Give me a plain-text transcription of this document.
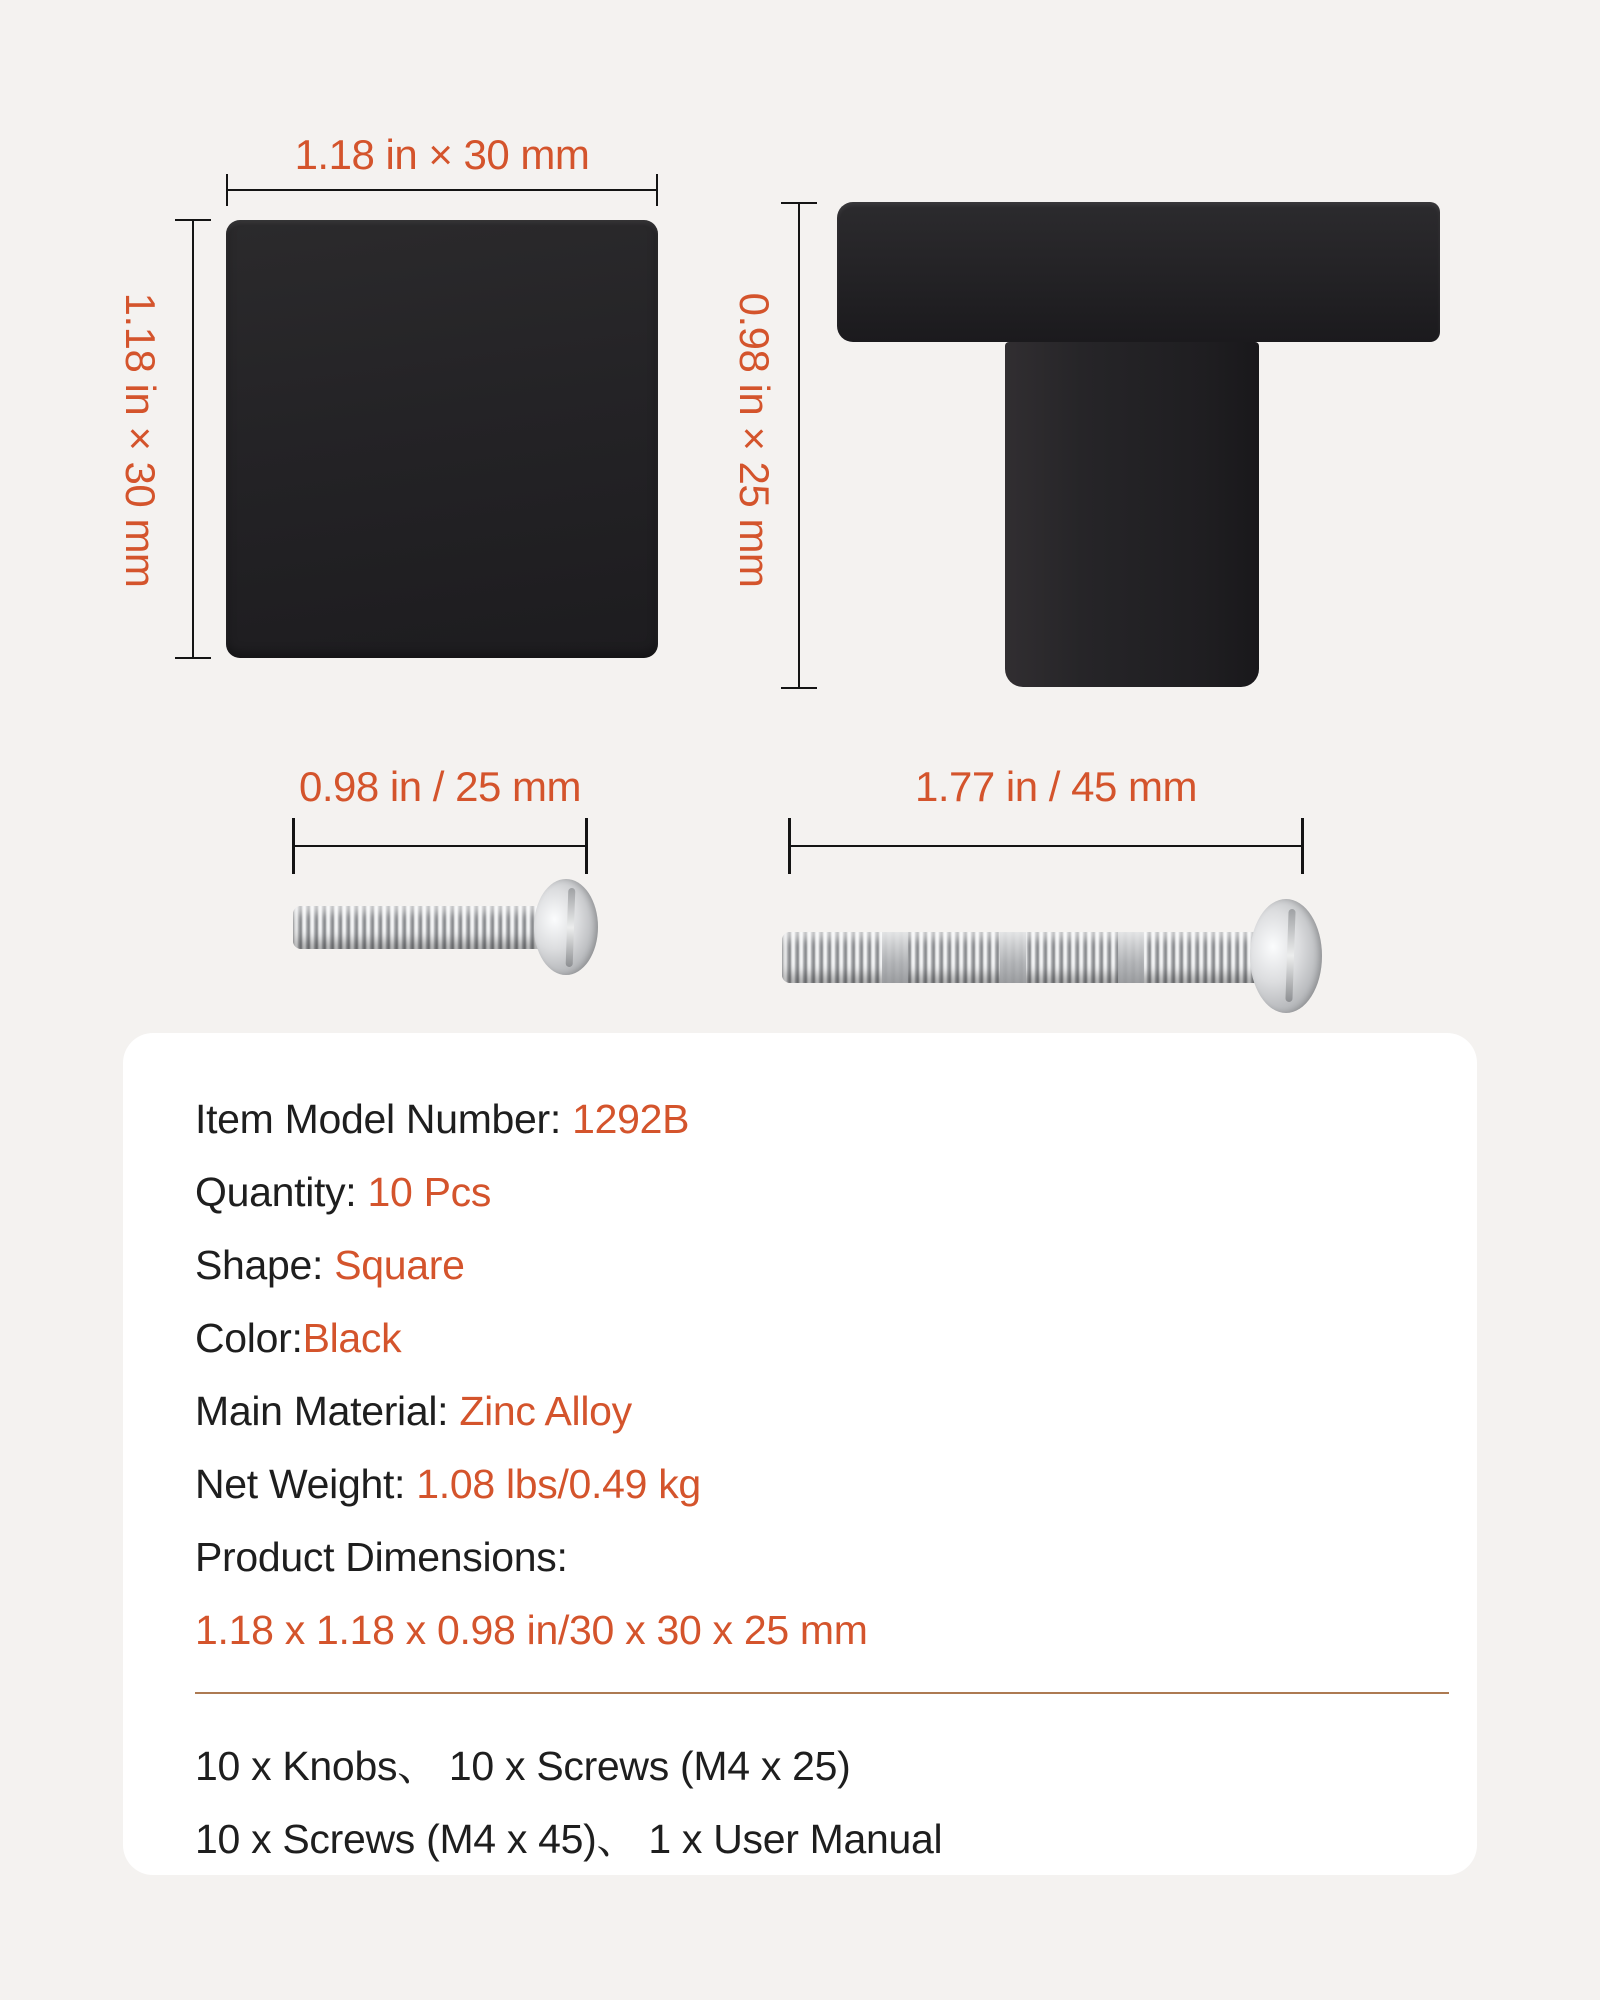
1.18 in × 30 mm
1.18 in × 30 mm	0.98 in × 25 mm
0.98 in / 25 mm	1.77 in / 45 mm

Item Model Number: 1292B

Quantity: 10 Pcs

Shape: Square

Color:Black

Main Material: Zinc Alloy

Net Weight: 1.08 lbs/0.49 kg

Product Dimensions:

1.18 x 1.18 x 0.98 in/30 x 30 x 25 mm

10 x Knobs、 10 x Screws (M4 x 25)

10 x Screws (M4 x 45)、 1 x User Manual
